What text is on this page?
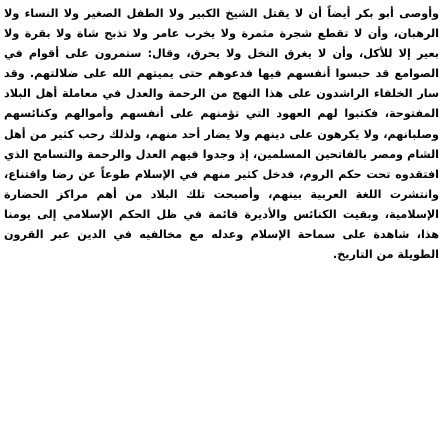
وأوصى أبو بكر أيضاً أن لا يقتل الشيخ الكبير ولا الطفل الصغير ولا النساء ولا الرهبان، وأن لا تقطع شجرة مثمرة ولا يخرب عامر ولا تذبح شاة ولا بقرة ولا بعير إلا للأكل، وأن لا يغرق النخل ولا يحرق، وقال: ستمرون على أقوام في الصوامع قد حبسوا أنفسهم فيها فدعوهم حتى يميتهم الله على ضلالتهم. وقد سار الخلفاء الراشدون على هذا النهج من الرحمة والعدل في معاملة أهل البلاد المفتوحة، فكتبوا لهم العهود التي تؤمنهم على أنفسهم وأموالهم وكنائسهم وصلبانهم، ولا يكرهون على دينهم ولا يضار أحد منهم، ولذلك رحب كثير من أهل الشام ومصر بالفاتحين المسلمين، إذ وجدوا فيهم العدل والرحمة والتسامح الذي افتقدوه تحت حكم الروم، فدخل كثير منهم في الإسلام طوعاً عن رضا واقتناع، وانتشرت اللغة العربية بينهم، وأصبحت تلك البلاد من أهم مراكز الحضارة الإسلامية، وبقيت الكنائس والأديرة قائمة في ظل الحكم الإسلامي إلى يومنا هذا، شاهدة على سماحة الإسلام وعدله مع مخالفيه في الدين عبر القرون الطويلة من التاريخ.
